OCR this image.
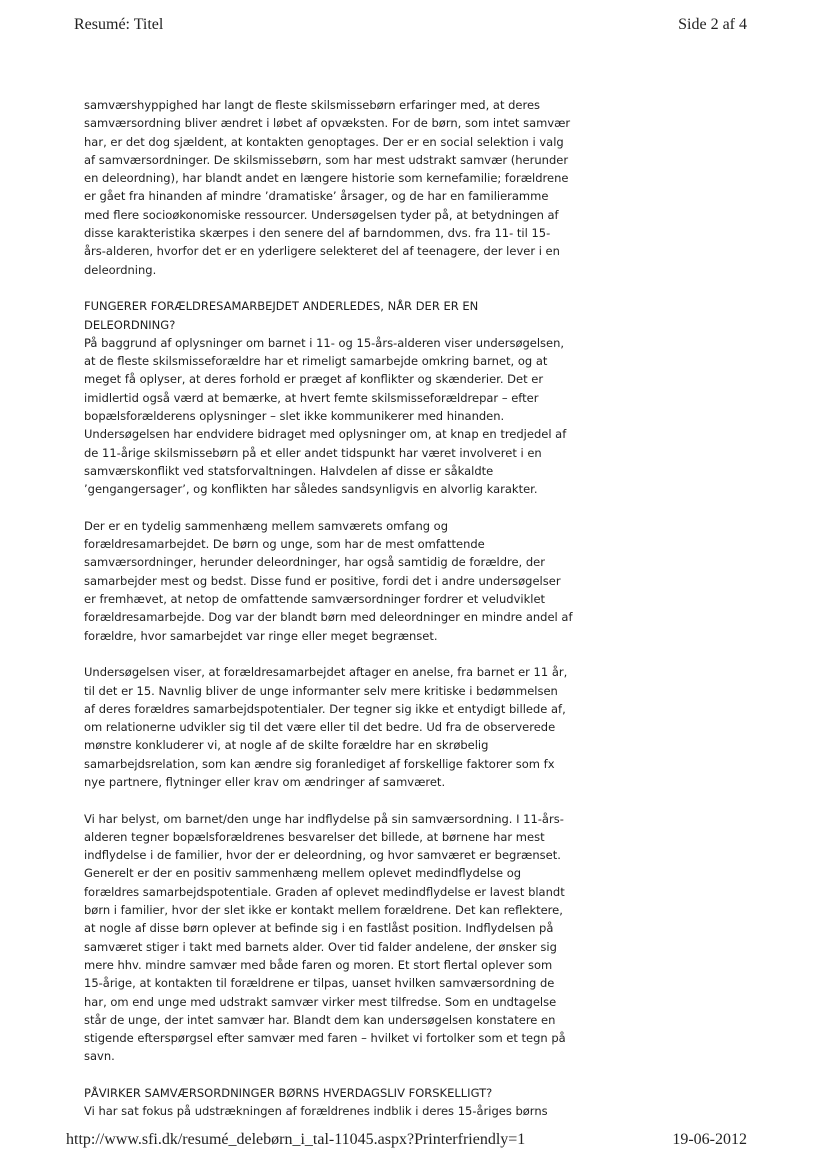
Resumé: Titel	Side 2 af 4
samværshyppighed har langt de fleste skilsmissebørn erfaringer med, at deres
samværsordning bliver ændret i løbet af opvæksten. For de børn, som intet samvær
har, er det dog sjældent, at kontakten genoptages. Der er en social selektion i valg
af samværsordninger. De skilsmissebørn, som har mest udstrakt samvær (herunder
en deleordning), har blandt andet en længere historie som kernefamilie; forældrene
er gået fra hinanden af mindre ’dramatiske’ årsager, og de har en familieramme
med flere socioøkonomiske ressourcer. Undersøgelsen tyder på, at betydningen af
disse karakteristika skærpes i den senere del af barndommen, dvs. fra 11- til 15-
års-alderen, hvorfor det er en yderligere selekteret del af teenagere, der lever i en
deleordning.
FUNGERER FORÆLDRESAMARBEJDET ANDERLEDES, NÅR DER ER EN
DELEORDNING?
På baggrund af oplysninger om barnet i 11- og 15-års-alderen viser undersøgelsen,
at de fleste skilsmisseforældre har et rimeligt samarbejde omkring barnet, og at
meget få oplyser, at deres forhold er præget af konflikter og skænderier. Det er
imidlertid også værd at bemærke, at hvert femte skilsmisseforældrepar – efter
bopælsforælderens oplysninger – slet ikke kommunikerer med hinanden.
Undersøgelsen har endvidere bidraget med oplysninger om, at knap en tredjedel af
de 11-årige skilsmissebørn på et eller andet tidspunkt har været involveret i en
samværskonflikt ved statsforvaltningen. Halvdelen af disse er såkaldte
’gengangersager’, og konflikten har således sandsynligvis en alvorlig karakter.
Der er en tydelig sammenhæng mellem samværets omfang og
forældresamarbejdet. De børn og unge, som har de mest omfattende
samværsordninger, herunder deleordninger, har også samtidig de forældre, der
samarbejder mest og bedst. Disse fund er positive, fordi det i andre undersøgelser
er fremhævet, at netop de omfattende samværsordninger fordrer et veludviklet
forældresamarbejde. Dog var der blandt børn med deleordninger en mindre andel af
forældre, hvor samarbejdet var ringe eller meget begrænset.
Undersøgelsen viser, at forældresamarbejdet aftager en anelse, fra barnet er 11 år,
til det er 15. Navnlig bliver de unge informanter selv mere kritiske i bedømmelsen
af deres forældres samarbejdspotentialer. Der tegner sig ikke et entydigt billede af,
om relationerne udvikler sig til det være eller til det bedre. Ud fra de observerede
mønstre konkluderer vi, at nogle af de skilte forældre har en skrøbelig
samarbejdsrelation, som kan ændre sig foranlediget af forskellige faktorer som fx
nye partnere, flytninger eller krav om ændringer af samværet.
Vi har belyst, om barnet/den unge har indflydelse på sin samværsordning. I 11-års-
alderen tegner bopælsforældrenes besvarelser det billede, at børnene har mest
indflydelse i de familier, hvor der er deleordning, og hvor samværet er begrænset.
Generelt er der en positiv sammenhæng mellem oplevet medindflydelse og
forældres samarbejdspotentiale. Graden af oplevet medindflydelse er lavest blandt
børn i familier, hvor der slet ikke er kontakt mellem forældrene. Det kan reflektere,
at nogle af disse børn oplever at befinde sig i en fastlåst position. Indflydelsen på
samværet stiger i takt med barnets alder. Over tid falder andelene, der ønsker sig
mere hhv. mindre samvær med både faren og moren. Et stort flertal oplever som
15-årige, at kontakten til forældrene er tilpas, uanset hvilken samværsordning de
har, om end unge med udstrakt samvær virker mest tilfredse. Som en undtagelse
står de unge, der intet samvær har. Blandt dem kan undersøgelsen konstatere en
stigende efterspørgsel efter samvær med faren – hvilket vi fortolker som et tegn på
savn.
PÅVIRKER SAMVÆRSORDNINGER BØRNS HVERDAGSLIV FORSKELLIGT?
Vi har sat fokus på udstrækningen af forældrenes indblik i deres 15-åriges børns
http://www.sfi.dk/resumé_delebørn_i_tal-11045.aspx?Printerfriendly=1	19-06-2012
